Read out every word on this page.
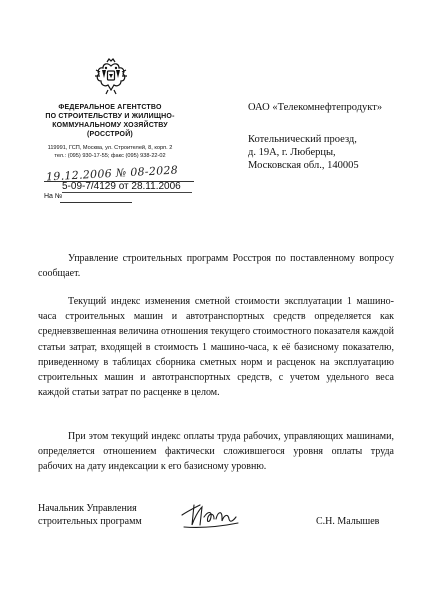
ФЕДЕРАЛЬНОЕ АГЕНТСТВО
ПО СТРОИТЕЛЬСТВУ И ЖИЛИЩНО-
КОММУНАЛЬНОМУ ХОЗЯЙСТВУ
(РОССТРОЙ)
119991, ГСП, Москва, ул. Строителей, 8, корп. 2
тел.: (095) 930-17-55; факс (095) 938-22-02
19.12.2006 № 08-2028
5-09-7/4129 от 28.11.2006
На №
ОАО «Телекомнефтепродукт»
Котельнический проезд,
д. 19А, г. Люберцы,
Московская обл., 140005
Управление строительных программ Росстроя по поставленному вопросу сообщает.
Текущий индекс изменения сметной стоимости эксплуатации 1 машино-часа строительных машин и автотранспортных средств определяется как средневзвешенная величина отношения текущего стоимостного показателя каждой статьи затрат, входящей в стоимость 1 машино-часа, к её базисному показателю, приведенному в таблицах сборника сметных норм и расценок на эксплуатацию строительных машин и автотранспортных средств, с учетом удельного веса каждой статьи затрат по расценке в целом.
При этом текущий индекс оплаты труда рабочих, управляющих машинами, определяется отношением фактически сложившегося уровня оплаты труда рабочих на дату индексации к его базисному уровню.
Начальник Управления
строительных программ	С.Н. Малышев
